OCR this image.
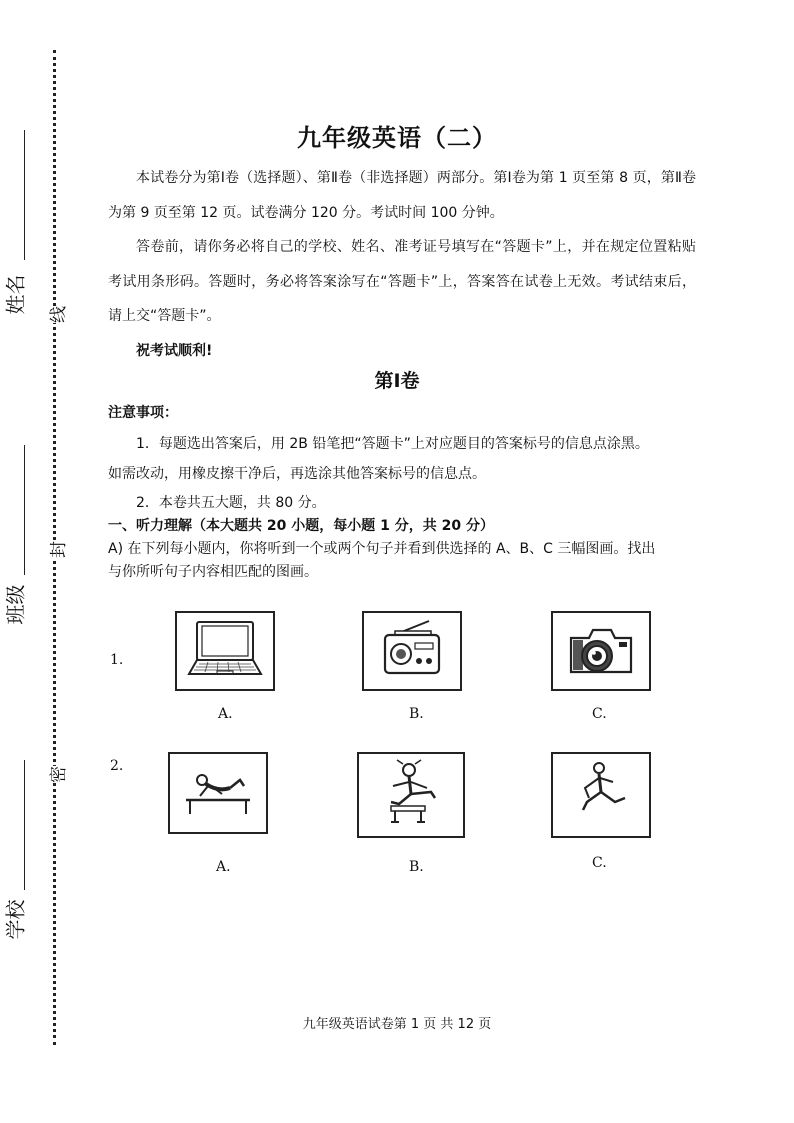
姓名
班级
学校
线
封
密
九年级英语（二）
本试卷分为第Ⅰ卷（选择题）、第Ⅱ卷（非选择题）两部分。第Ⅰ卷为第 1 页至第 8 页，第Ⅱ卷为第 9 页至第 12 页。试卷满分 120 分。考试时间 100 分钟。
答卷前，请你务必将自己的学校、姓名、准考证号填写在“答题卡”上，并在规定位置粘贴考试用条形码。答题时，务必将答案涂写在“答题卡”上，答案答在试卷上无效。考试结束后，请上交“答题卡”。
祝考试顺利!
第Ⅰ卷
注意事项：
1．每题选出答案后，用 2B 铅笔把“答题卡”上对应题目的答案标号的信息点涂黑。
如需改动，用橡皮擦干净后，再选涂其他答案标号的信息点。
2．本卷共五大题，共 80 分。
一、听力理解（本大题共 20 小题，每小题 1 分，共 20 分）
A) 在下列每小题内，你将听到一个或两个句子并看到供选择的 A、B、C 三幅图画。找出
与你所听句子内容相匹配的图画。
1.
A.	B.	C.
2.
A.	B.	C.
九年级英语试卷第 1 页 共 12 页
